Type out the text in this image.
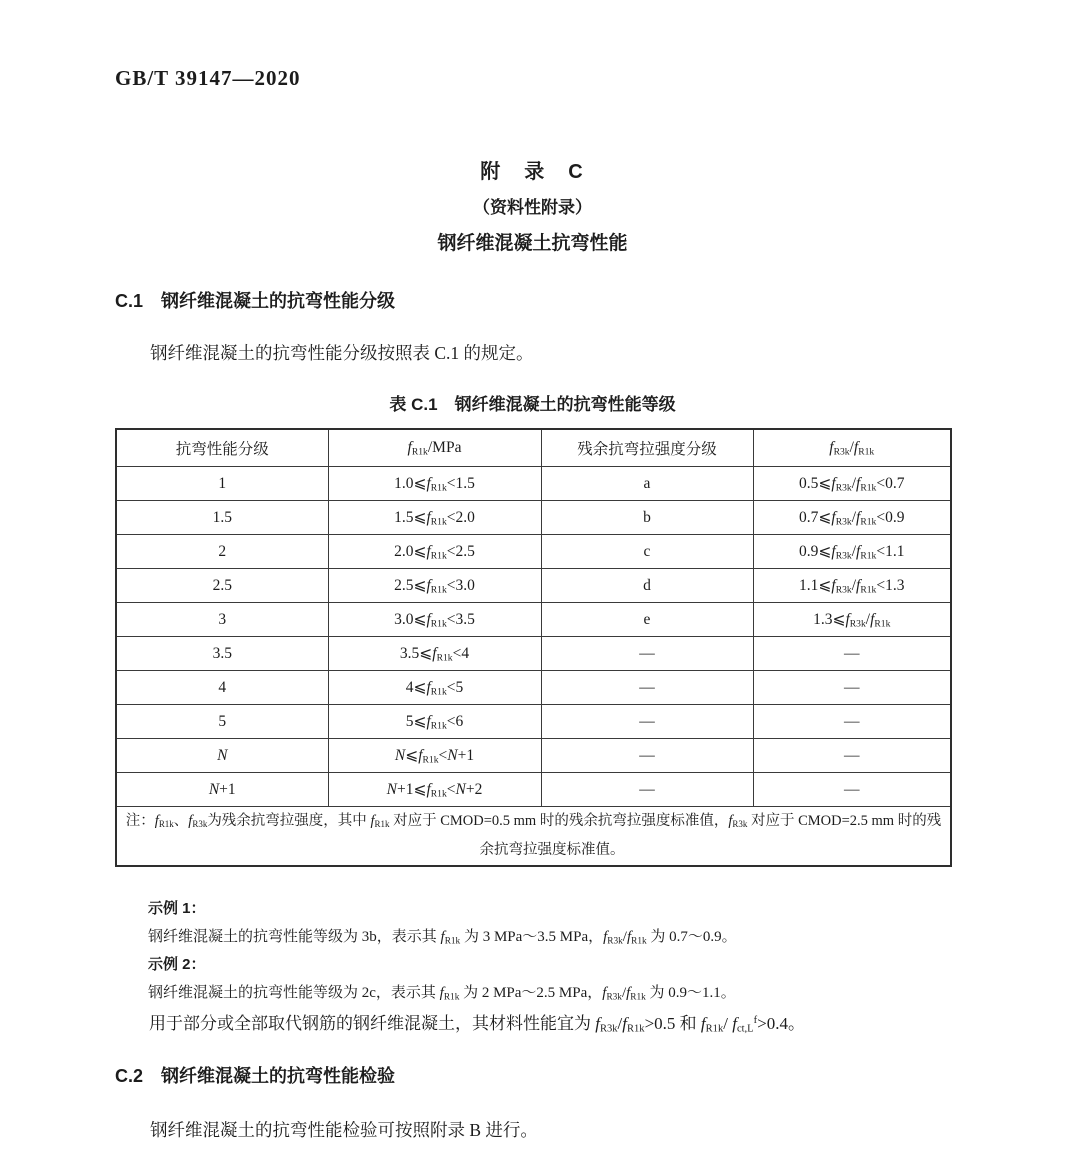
GB/T 39147—2020
附　录　C
（资料性附录）
钢纤维混凝土抗弯性能
C.1　钢纤维混凝土的抗弯性能分级

钢纤维混凝土的抗弯性能分级按照表 C.1 的规定。

表 C.1　钢纤维混凝土的抗弯性能等级
抗弯性能分级	$f_{R1k}$/MPa	残余抗弯拉强度分级	$f_{R3k}/f_{R1k}$
1	$1.0⩽f_{R1k}<1.5$	a	$0.5⩽f_{R3k}/f_{R1k}<0.7$
1.5	$1.5⩽f_{R1k}<2.0$	b	$0.7⩽f_{R3k}/f_{R1k}<0.9$
2	$2.0⩽f_{R1k}<2.5$	c	$0.9⩽f_{R3k}/f_{R1k}<1.1$
2.5	$2.5⩽f_{R1k}<3.0$	d	$1.1⩽f_{R3k}/f_{R1k}<1.3$
3	$3.0⩽f_{R1k}<3.5$	e	$1.3⩽f_{R3k}/f_{R1k}$
3.5	$3.5⩽f_{R1k}<4$	—	—
4	$4⩽f_{R1k}<5$	—	—
5	$5⩽f_{R1k}<6$	—	—
N	$N⩽f_{R1k}<N+1$	—	—
N+1	$N+1⩽f_{R1k}<N+2$	—	—

注：$f_{R1k}$、$f_{R3k}$为残余抗弯拉强度，其中 $f_{R1k}$ 对应于 CMOD=0.5 mm 时的残余抗弯拉强度标准值，$f_{R3k}$ 对应于 CMOD=2.5 mm 时的残余抗弯拉强度标准值。			

示例 1：

钢纤维混凝土的抗弯性能等级为 3b，表示其 $f_{R1k}$ 为 3 MPa～3.5 MPa，$f_{R3k}/f_{R1k}$ 为 0.7～0.9。

示例 2：

钢纤维混凝土的抗弯性能等级为 2c，表示其 $f_{R1k}$ 为 2 MPa～2.5 MPa，$f_{R3k}/f_{R1k}$ 为 0.9～1.1。

用于部分或全部取代钢筋的钢纤维混凝土，其材料性能宜为 $f_{R3k}/f_{R1k}>0.5$ 和 $f_{R1k}/$ $f_{ct,L}^f>0.4$。

C.2　钢纤维混凝土的抗弯性能检验

钢纤维混凝土的抗弯性能检验可按照附录 B 进行。
